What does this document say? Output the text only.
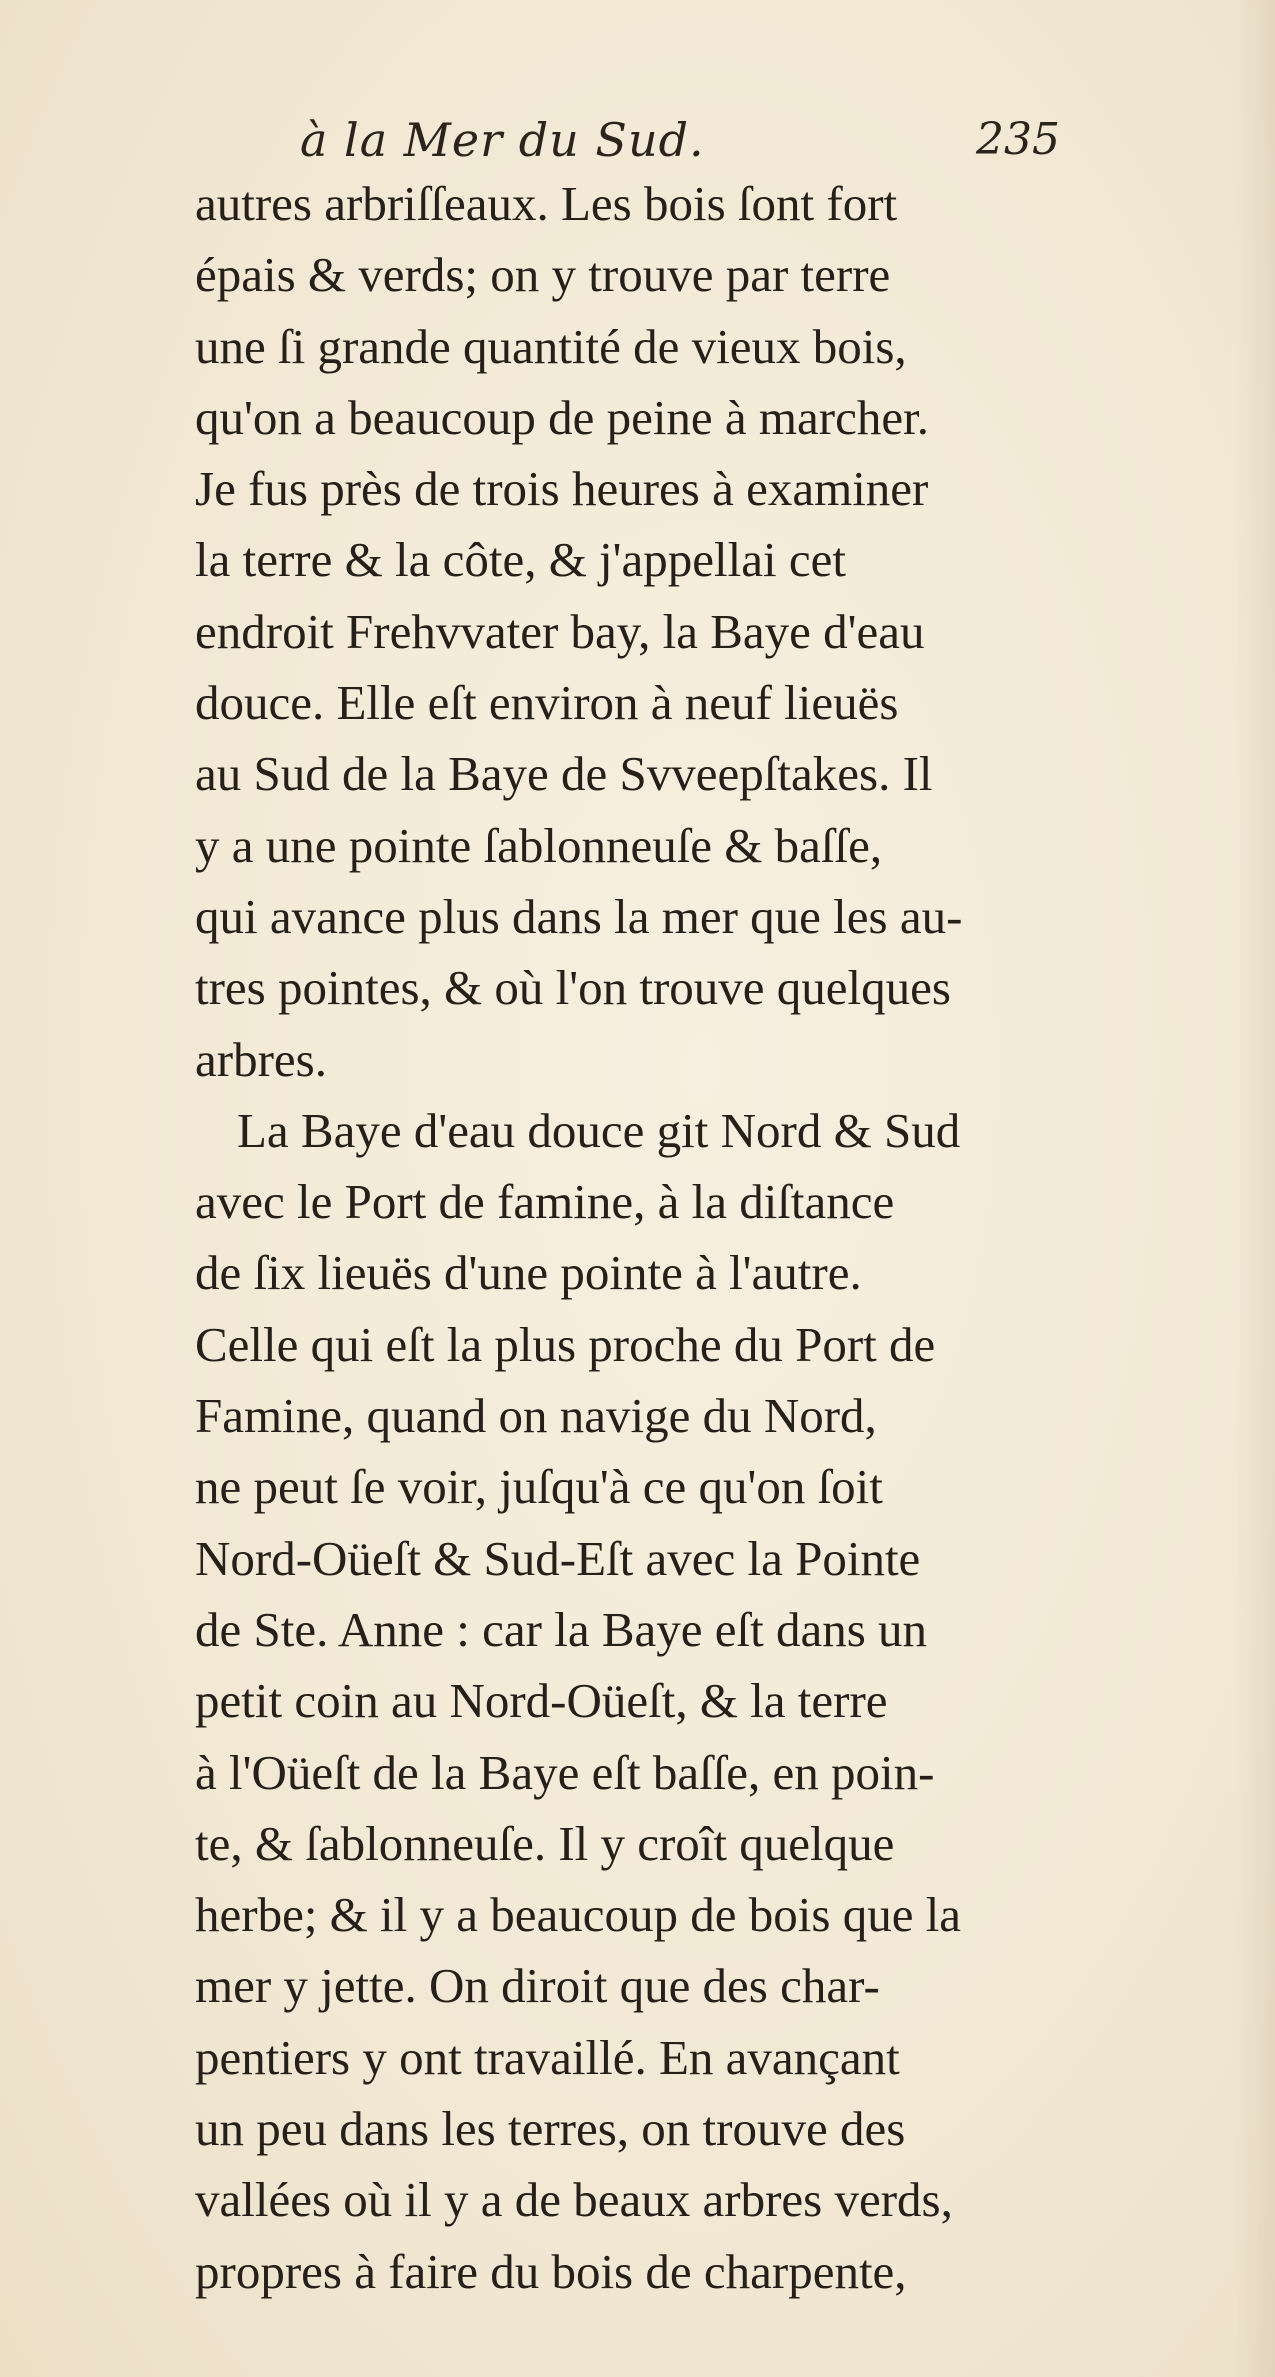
à la Mer du Sud.	235
autres arbriſſeaux. Les bois ſont fort
épais & verds; on y trouve par terre
une ſi grande quantité de vieux bois,
qu'on a beaucoup de peine à marcher.
Je fus près de trois heures à examiner
la terre & la côte, & j'appellai cet
endroit Frehvvater bay, la Baye d'eau
douce. Elle eſt environ à neuf lieuës
au Sud de la Baye de Svveepſtakes. Il
y a une pointe ſablonneuſe & baſſe,
qui avance plus dans la mer que les au-
tres pointes, & où l'on trouve quelques
arbres.
La Baye d'eau douce git Nord & Sud
avec le Port de famine, à la diſtance
de ſix lieuës d'une pointe à l'autre.
Celle qui eſt la plus proche du Port de
Famine, quand on navige du Nord,
ne peut ſe voir, juſqu'à ce qu'on ſoit
Nord-Oüeſt & Sud-Eſt avec la Pointe
de Ste. Anne : car la Baye eſt dans un
petit coin au Nord-Oüeſt, & la terre
à l'Oüeſt de la Baye eſt baſſe, en poin-
te, & ſablonneuſe. Il y croît quelque
herbe; & il y a beaucoup de bois que la
mer y jette. On diroit que des char-
pentiers y ont travaillé. En avançant
un peu dans les terres, on trouve des
vallées où il y a de beaux arbres verds,
propres à faire du bois de charpente,
